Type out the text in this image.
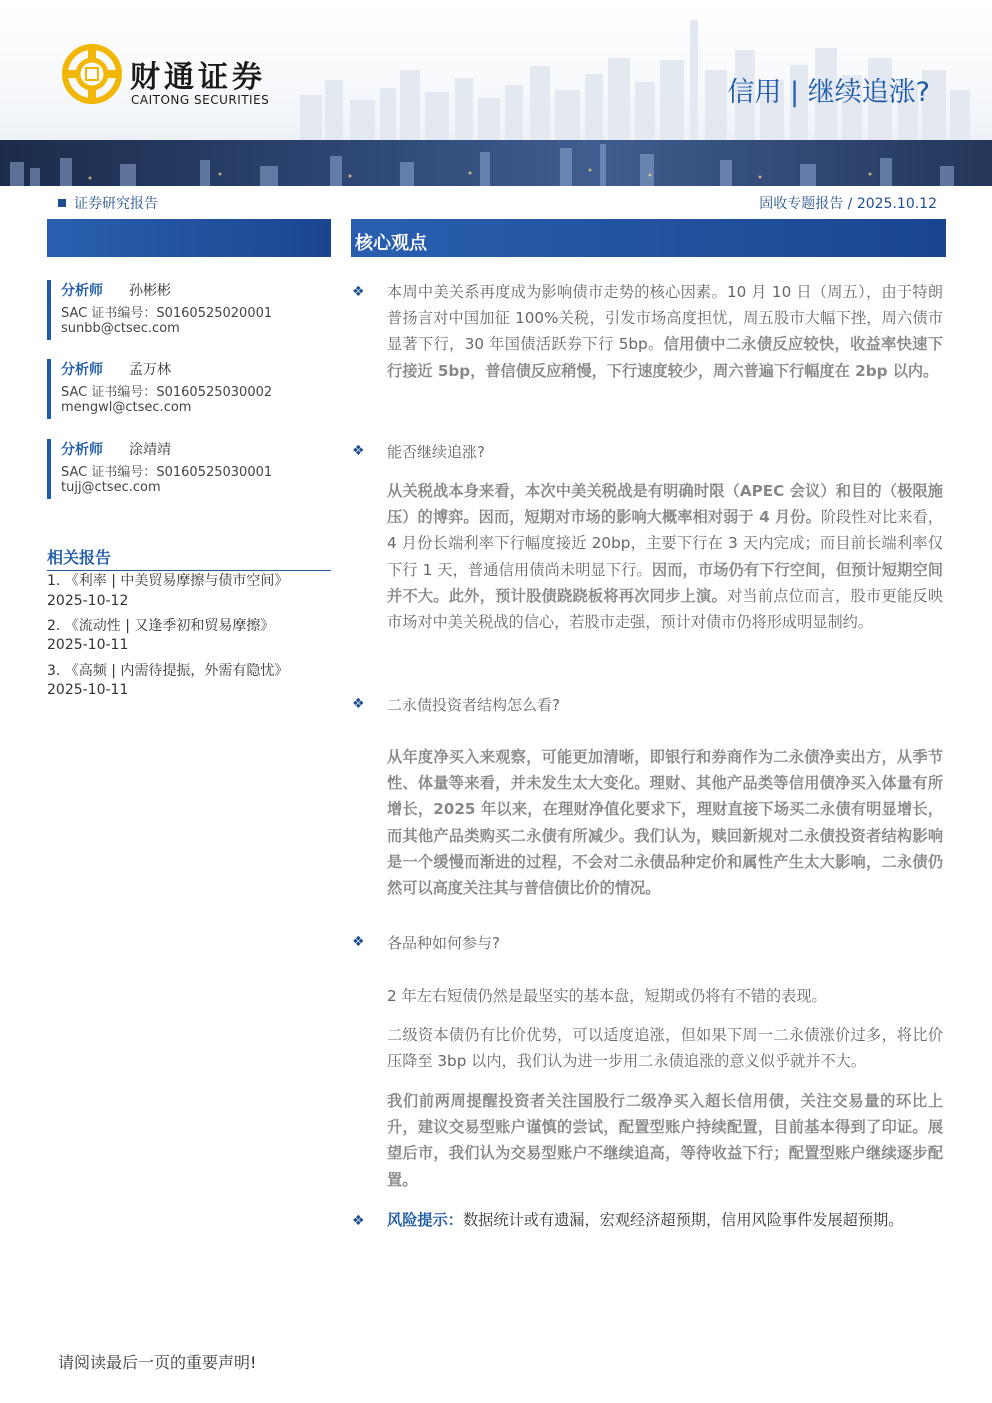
财通证券
CAITONG SECURITIES	信用 | 继续追涨?
证券研究报告	固收专题报告 / 2025.10.12
核心观点
分析师 孙彬彬
SAC 证书编号：S0160525020001
sunbb@ctsec.com
分析师 孟万林
SAC 证书编号：S0160525030002
mengwl@ctsec.com
分析师 涂靖靖
SAC 证书编号：S0160525030001
tujj@ctsec.com
相关报告
1. 《利率 | 中美贸易摩擦与债市空间》
2025-10-12
2. 《流动性 | 又逢季初和贸易摩擦》
2025-10-11
3. 《高频 | 内需待提振，外需有隐忧》
2025-10-11
❖ 本周中美关系再度成为影响债市走势的核心因素。10 月 10 日（周五），由于特朗普扬言对中国加征 100%关税，引发市场高度担忧，周五股市大幅下挫，周六债市显著下行，30 年国债活跃券下行 5bp。信用债中二永债反应较快，收益率快速下行接近 5bp，普信债反应稍慢，下行速度较少，周六普遍下行幅度在 2bp 以内。
❖ 能否继续追涨?
从关税战本身来看，本次中美关税战是有明确时限（APEC 会议）和目的（极限施压）的博弈。因而，短期对市场的影响大概率相对弱于 4 月份。阶段性对比来看，4 月份长端利率下行幅度接近 20bp，主要下行在 3 天内完成；而目前长端利率仅下行 1 天，普通信用债尚未明显下行。因而，市场仍有下行空间，但预计短期空间并不大。此外，预计股债跷跷板将再次同步上演。对当前点位而言，股市更能反映市场对中美关税战的信心，若股市走强，预计对债市仍将形成明显制约。
❖ 二永债投资者结构怎么看?
从年度净买入来观察，可能更加清晰，即银行和券商作为二永债净卖出方，从季节性、体量等来看，并未发生太大变化。理财、其他产品类等信用债净买入体量有所增长，2025 年以来，在理财净值化要求下，理财直接下场买二永债有明显增长，而其他产品类购买二永债有所减少。我们认为，赎回新规对二永债投资者结构影响是一个缓慢而渐进的过程，不会对二永债品种定价和属性产生太大影响，二永债仍然可以高度关注其与普信债比价的情况。
❖ 各品种如何参与?
2 年左右短债仍然是最坚实的基本盘，短期或仍将有不错的表现。
二级资本债仍有比价优势，可以适度追涨，但如果下周一二永债涨价过多，将比价压降至 3bp 以内，我们认为进一步用二永债追涨的意义似乎就并不大。
我们前两周提醒投资者关注国股行二级净买入超长信用债，关注交易量的环比上升，建议交易型账户谨慎的尝试，配置型账户持续配置，目前基本得到了印证。展望后市，我们认为交易型账户不继续追高，等待收益下行；配置型账户继续逐步配置。
❖ 风险提示：数据统计或有遗漏，宏观经济超预期，信用风险事件发展超预期。
请阅读最后一页的重要声明!
